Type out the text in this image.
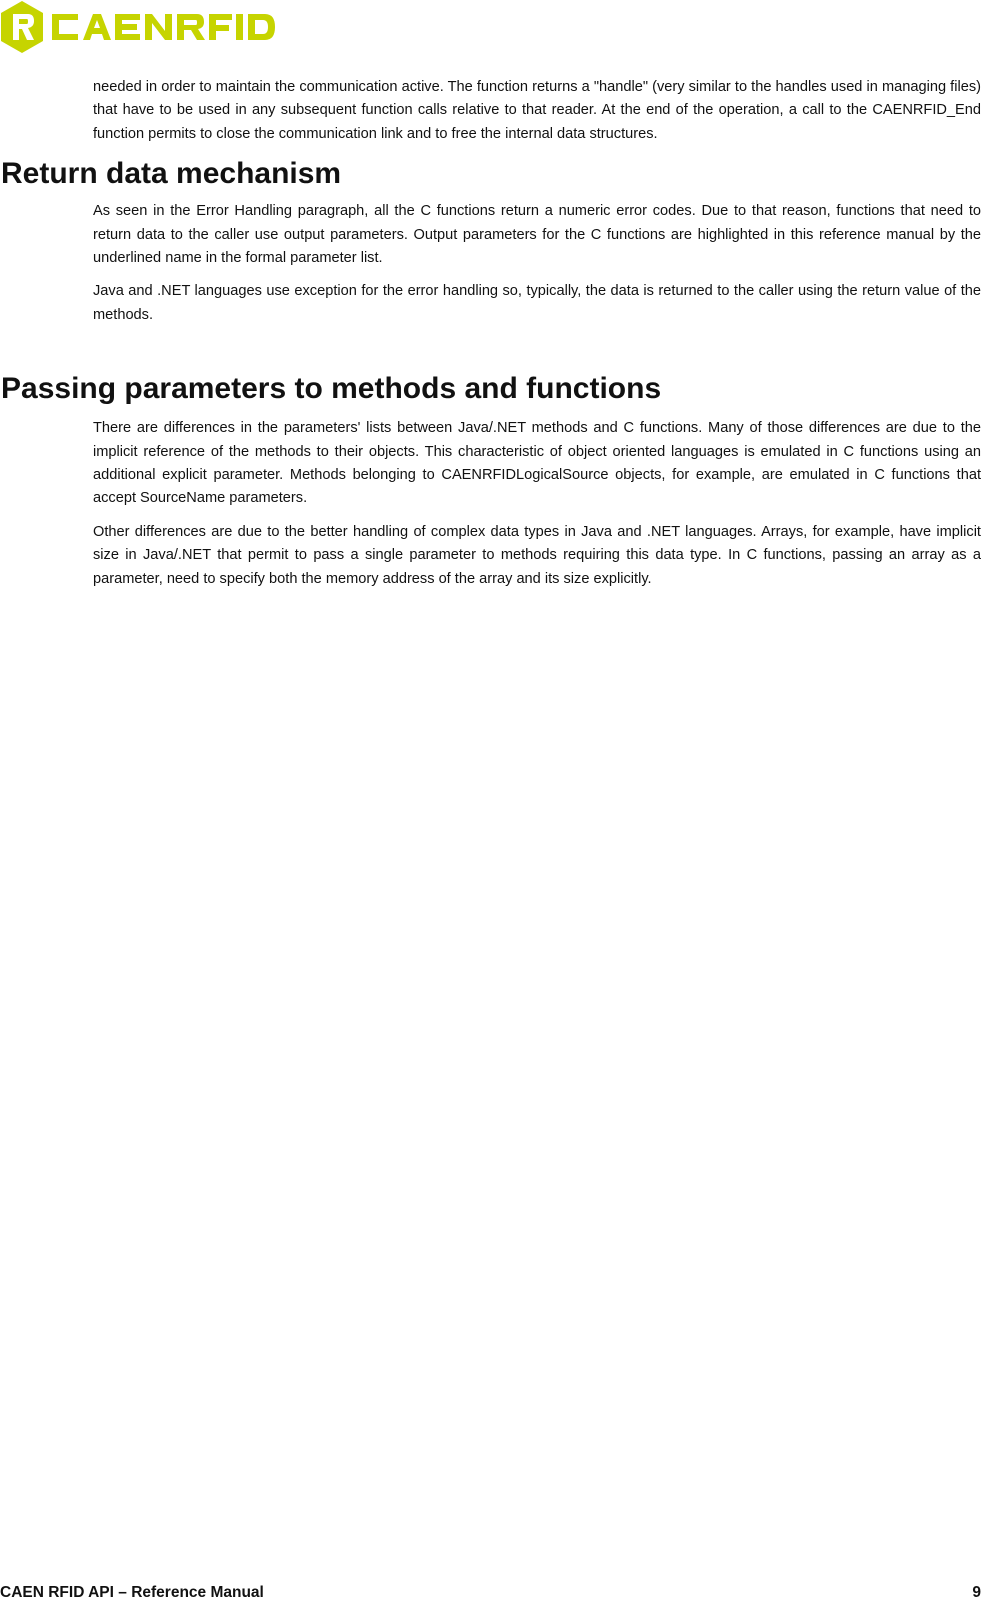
needed in order to maintain the communication active. The function returns a "handle" (very similar to the handles used in managing files) that have to be used in any subsequent function calls relative to that reader. At the end of the operation, a call to the CAENRFID_End function permits to close the communication link and to free the internal data structures.

Return data mechanism

As seen in the Error Handling paragraph, all the C functions return a numeric error codes. Due to that reason, functions that need to return data to the caller use output parameters. Output parameters for the C functions are highlighted in this reference manual by the underlined name in the formal parameter list.

Java and .NET languages use exception for the error handling so, typically, the data is returned to the caller using the return value of the methods.

Passing parameters to methods and functions

There are differences in the parameters' lists between Java/.NET methods and C functions. Many of those differences are due to the implicit reference of the methods to their objects. This characteristic of object oriented languages is emulated in C functions using an additional explicit parameter. Methods belonging to CAENRFIDLogicalSource objects, for example, are emulated in C functions that accept SourceName parameters.

Other differences are due to the better handling of complex data types in Java and .NET languages. Arrays, for example, have implicit size in Java/.NET that permit to pass a single parameter to methods requiring this data type. In C functions, passing an array as a parameter, need to specify both the memory address of the array and its size explicitly.

CAEN RFID API – Reference Manual	9
